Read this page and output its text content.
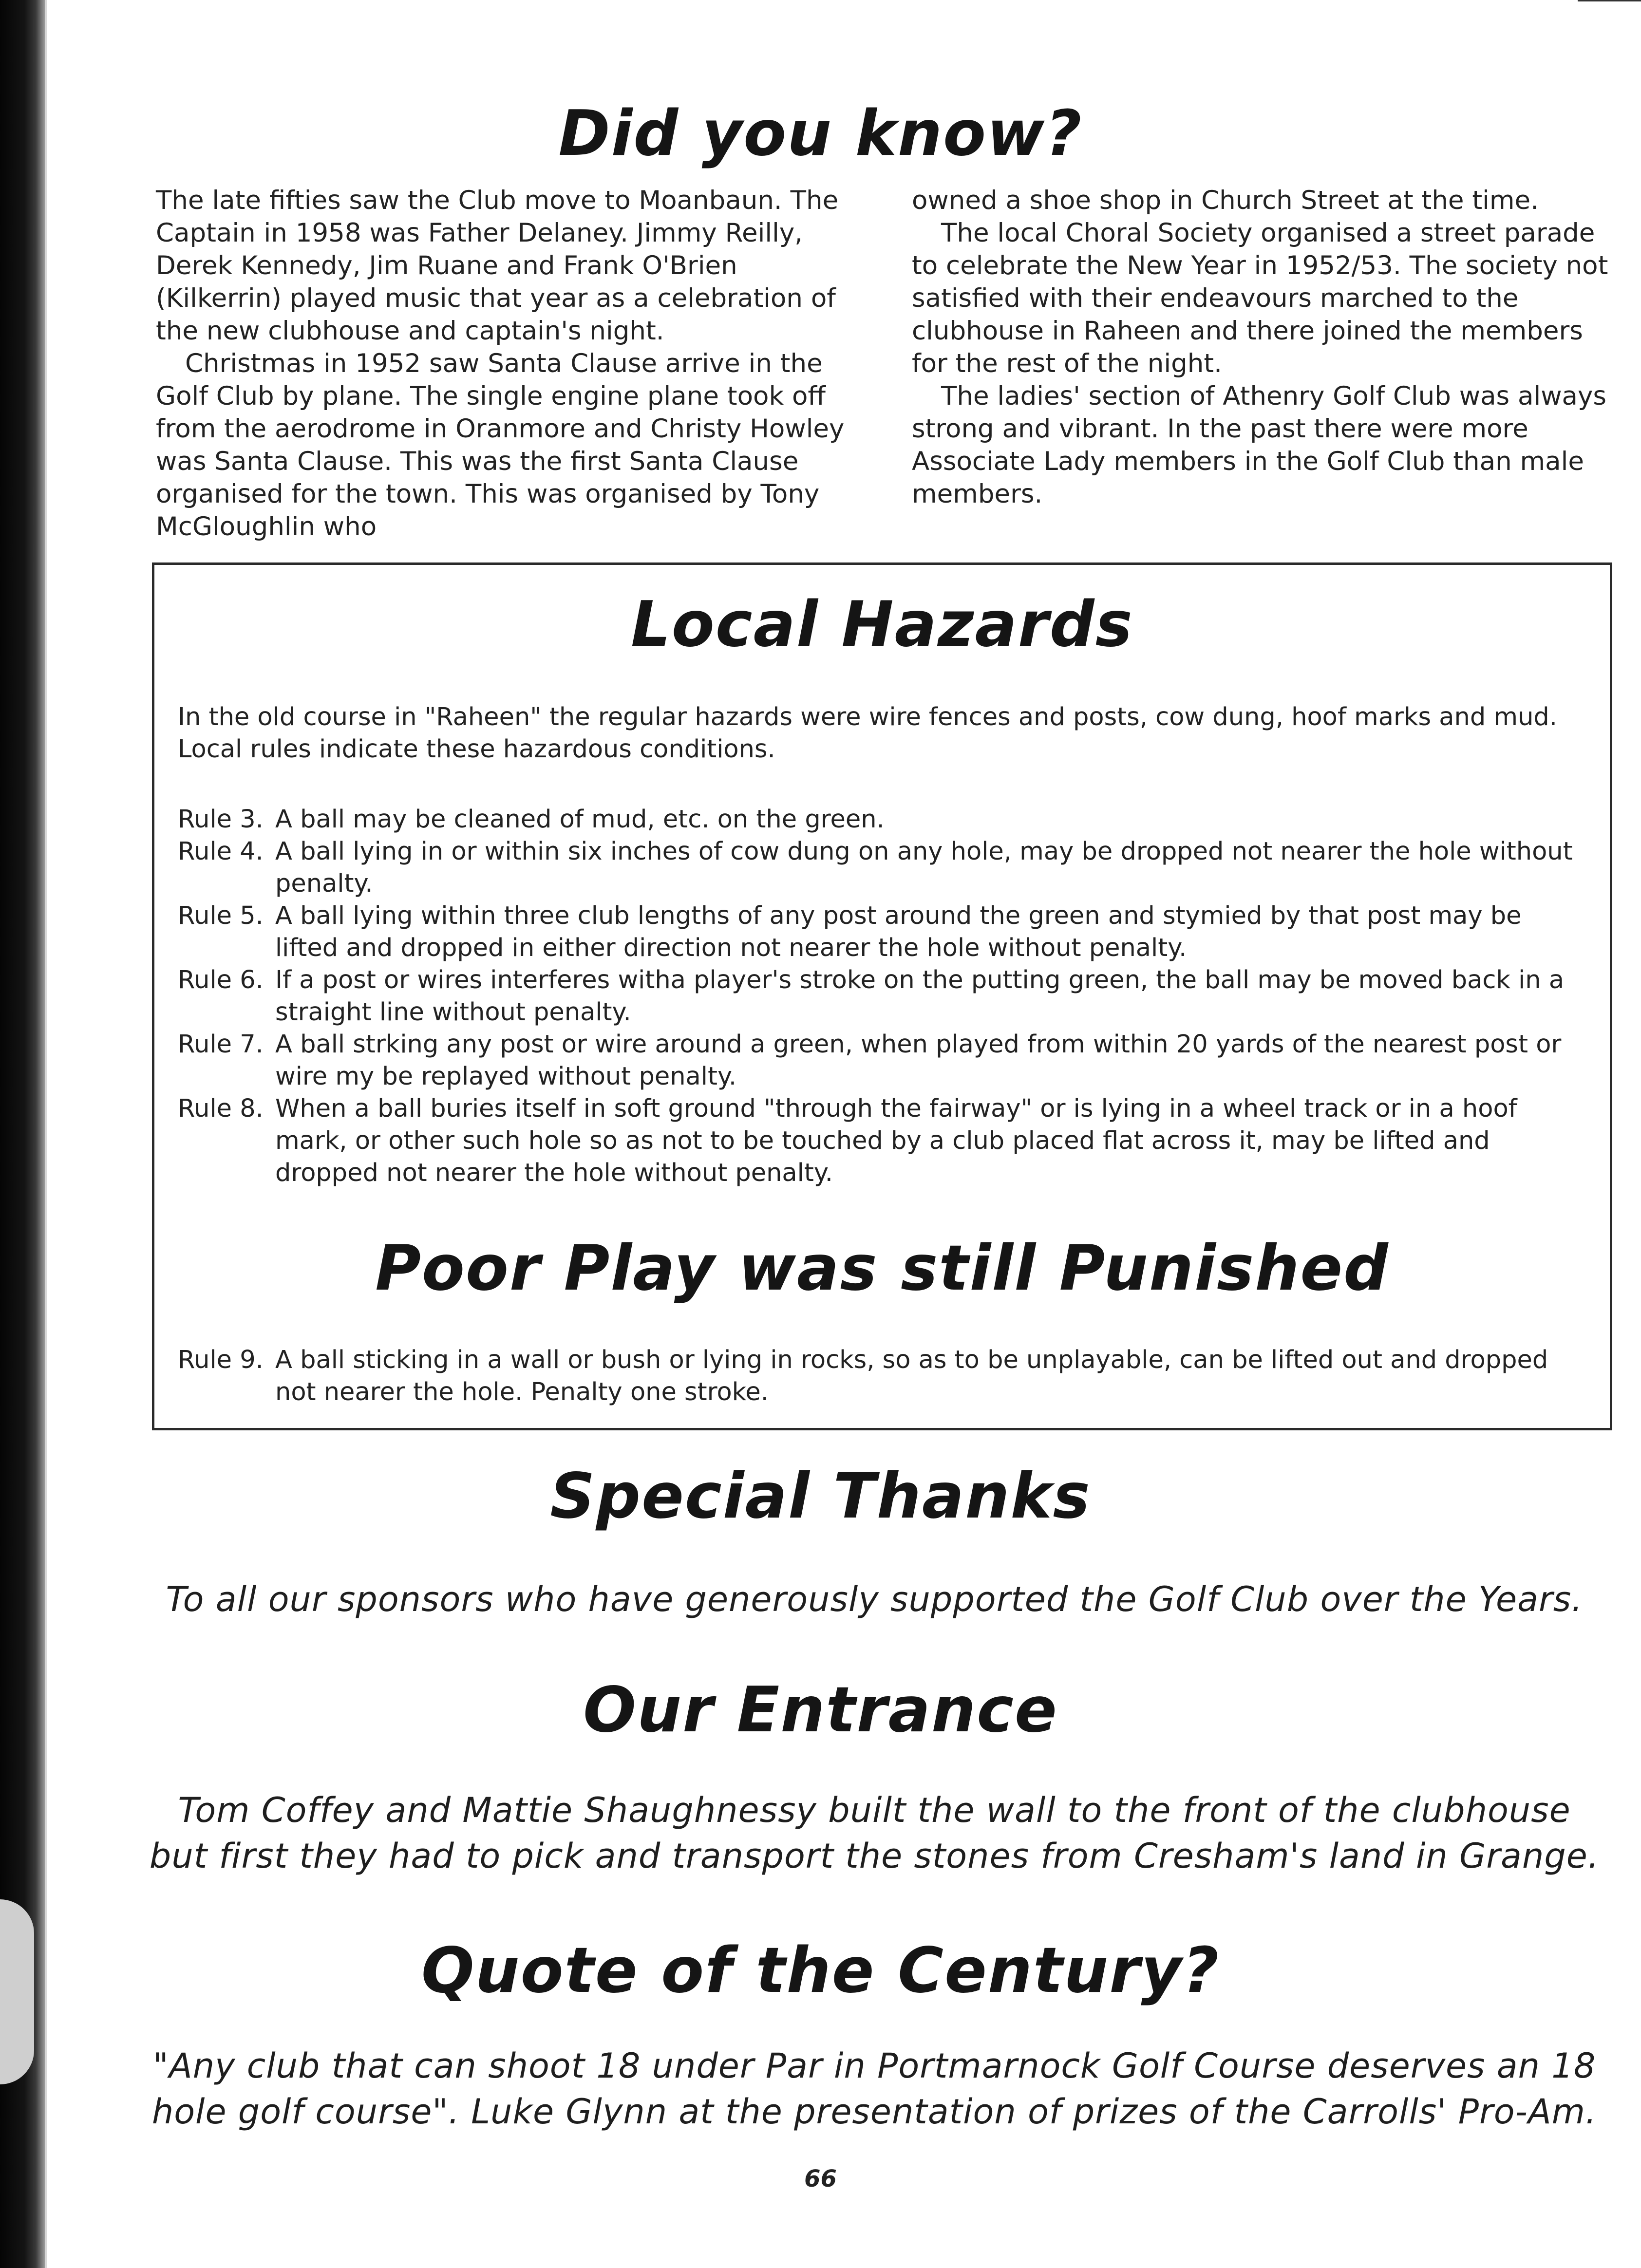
Did you know?

The late fifties saw the Club move to Moanbaun. The Captain in 1958 was Father Delaney. Jimmy Reilly, Derek Kennedy, Jim Ruane and Frank O'Brien (Kilkerrin) played music that year as a celebration of the new clubhouse and captain's night.

Christmas in 1952 saw Santa Clause arrive in the Golf Club by plane. The single engine plane took off from the aerodrome in Oranmore and Christy Howley was Santa Clause. This was the first Santa Clause organised for the town. This was organised by Tony McGloughlin who

owned a shoe shop in Church Street at the time.

The local Choral Society organised a street parade to celebrate the New Year in 1952/53. The society not satisfied with their endeavours marched to the clubhouse in Raheen and there joined the members for the rest of the night.

The ladies' section of Athenry Golf Club was always strong and vibrant. In the past there were more Associate Lady members in the Golf Club than male members.

Local Hazards
In the old course in "Raheen" the regular hazards were wire fences and posts, cow dung, hoof marks and mud. Local rules indicate these hazardous conditions.
Rule 3. A ball may be cleaned of mud, etc. on the green.
Rule 4. A ball lying in or within six inches of cow dung on any hole, may be dropped not nearer the hole without penalty.
Rule 5. A ball lying within three club lengths of any post around the green and stymied by that post may be lifted and dropped in either direction not nearer the hole without penalty.
Rule 6. If a post or wires interferes witha player's stroke on the putting green, the ball may be moved back in a straight line without penalty.
Rule 7. A ball strking any post or wire around a green, when played from within 20 yards of the nearest post or wire my be replayed without penalty.
Rule 8. When a ball buries itself in soft ground "through the fairway" or is lying in a wheel track or in a hoof mark, or other such hole so as not to be touched by a club placed flat across it, may be lifted and dropped not nearer the hole without penalty.
Poor Play was still Punished
Rule 9. A ball sticking in a wall or bush or lying in rocks, so as to be unplayable, can be lifted out and dropped not nearer the hole. Penalty one stroke.
Special Thanks
To all our sponsors who have generously supported the Golf Club over the Years.
Our Entrance
Tom Coffey and Mattie Shaughnessy built the wall to the front of the clubhouse but first they had to pick and transport the stones from Cresham's land in Grange.
Quote of the Century?
"Any club that can shoot 18 under Par in Portmarnock Golf Course deserves an 18 hole golf course". Luke Glynn at the presentation of prizes of the Carrolls' Pro-Am.
66
